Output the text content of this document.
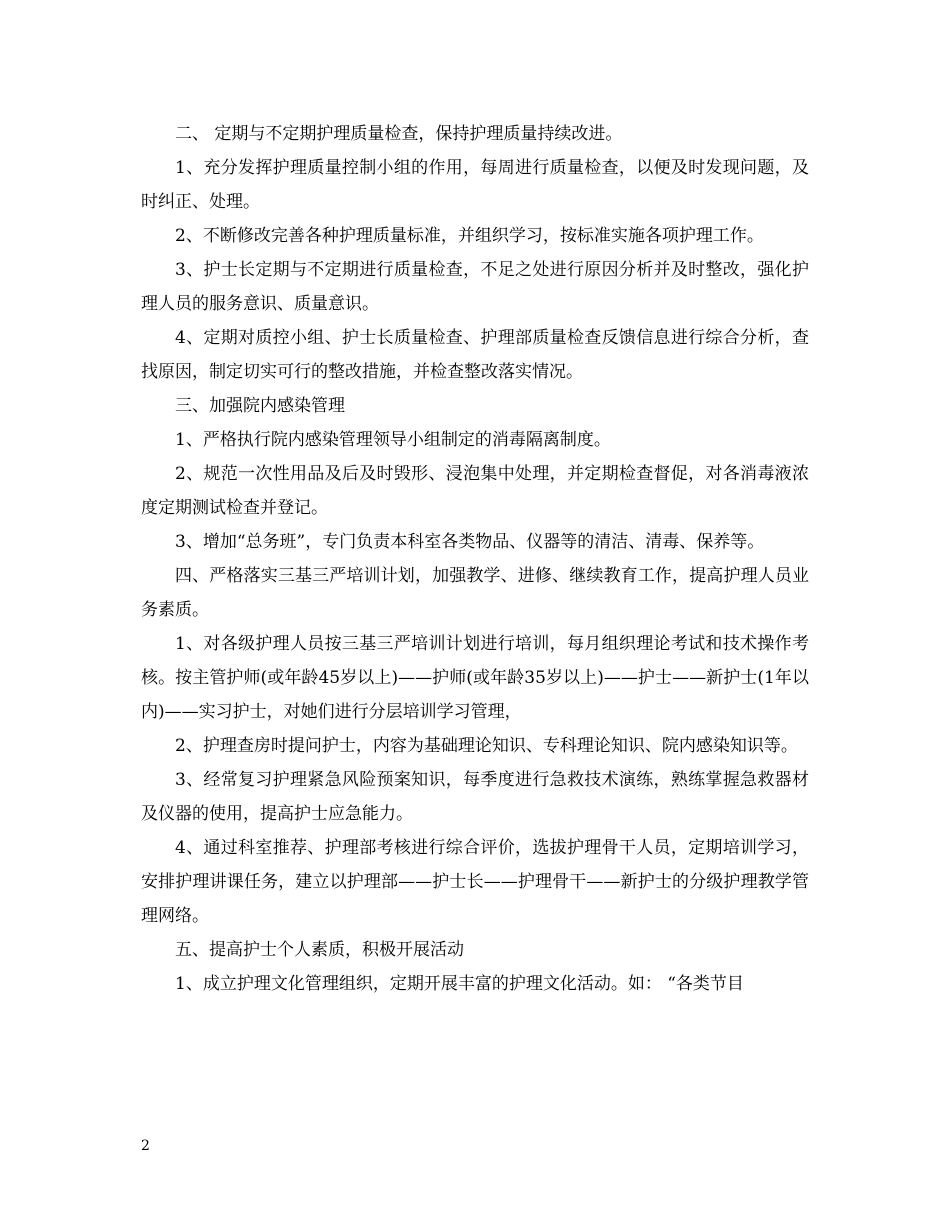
二、 定期与不定期护理质量检查，保持护理质量持续改进。

1、充分发挥护理质量控制小组的作用，每周进行质量检查，以便及时发现问题，及时纠正、处理。

2、不断修改完善各种护理质量标准，并组织学习，按标准实施各项护理工作。

3、护士长定期与不定期进行质量检查，不足之处进行原因分析并及时整改，强化护理人员的服务意识、质量意识。

4、定期对质控小组、护士长质量检查、护理部质量检查反馈信息进行综合分析，查找原因，制定切实可行的整改措施，并检查整改落实情况。

三、加强院内感染管理

1、严格执行院内感染管理领导小组制定的消毒隔离制度。

2、规范一次性用品及后及时毁形、浸泡集中处理，并定期检查督促，对各消毒液浓度定期测试检查并登记。

3、增加“总务班”，专门负责本科室各类物品、仪器等的清洁、清毒、保养等。

四、严格落实三基三严培训计划，加强教学、进修、继续教育工作，提高护理人员业务素质。

1、对各级护理人员按三基三严培训计划进行培训，每月组织理论考试和技术操作考核。按主管护师(或年龄45岁以上)——护师(或年龄35岁以上)——护士——新护士(1年以内)——实习护士，对她们进行分层培训学习管理，

2、护理查房时提问护士，内容为基础理论知识、专科理论知识、院内感染知识等。

3、经常复习护理紧急风险预案知识，每季度进行急救技术演练，熟练掌握急救器材及仪器的使用，提高护士应急能力。

4、通过科室推荐、护理部考核进行综合评价，选拔护理骨干人员，定期培训学习，安排护理讲课任务，建立以护理部——护士长——护理骨干——新护士的分级护理教学管理网络。

五、提高护士个人素质，积极开展活动

1、成立护理文化管理组织，定期开展丰富的护理文化活动。如： “各类节目

2
